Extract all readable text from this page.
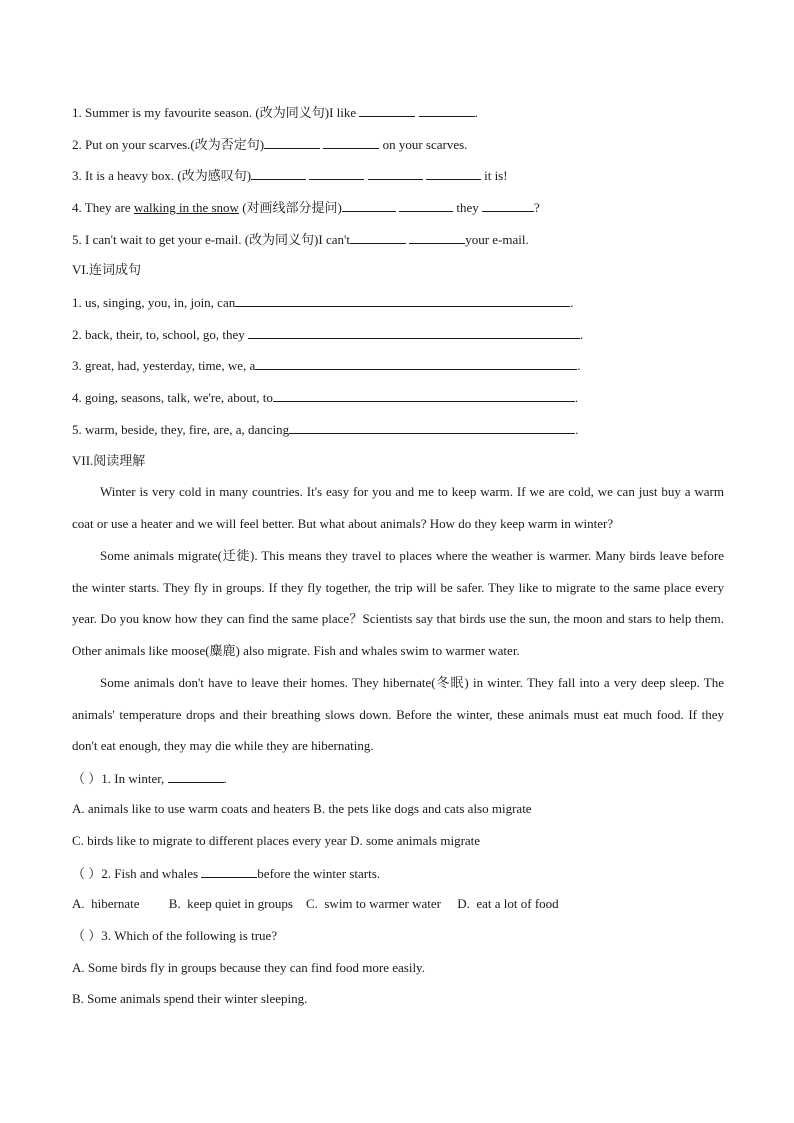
1. Summer is my favourite season. (改为同义句)I like	.
2. Put on your scarves.(改为否定句)	on your scarves.
3. It is a heavy box. (改为感叹句)	it is!
4. They are walking in the snow (对画线部分提问)	they	?
5. I can't wait to get your e-mail. (改为同义句)I can't	your e-mail.
VI.连词成句
1. us, singing, you, in, join, can	.
2. back, their, to, school, go, they	.
3. great, had, yesterday, time, we, a	.
4. going, seasons, talk, we're, about, to	.
5. warm, beside, they, fire, are, a, dancing	.
VII.阅读理解
Winter is very cold in many countries. It's easy for you and me to keep warm. If we are cold, we can just buy a warm coat or use a heater and we will feel better. But what about animals? How do they keep warm in winter?
Some animals migrate(迁徙). This means they travel to places where the weather is warmer. Many birds leave before the winter starts. They fly in groups. If they fly together, the trip will be safer. They like to migrate to the same place every year. Do you know how they can find the same place？Scientists say that birds use the sun, the moon and stars to help them. Other animals like moose(麋鹿) also migrate. Fish and whales swim to warmer water.
Some animals don't have to leave their homes. They hibernate(冬眠) in winter. They fall into a very deep sleep. The animals' temperature drops and their breathing slows down. Before the winter, these animals must eat much food. If they don't eat enough, they may die while they are hibernating.
（ ）1. In winter,	.
A. animals like to use warm coats and heaters B. the pets like dogs and cats also migrate
C. birds like to migrate to different places every year D. some animals migrate
（ ）2. Fish and whales	before the winter starts.
A.  hibernate         B.  keep quiet in groups    C.  swim to warmer water     D.  eat a lot of food
（ ）3. Which of the following is true?
A. Some birds fly in groups because they can find food more easily.
B. Some animals spend their winter sleeping.
